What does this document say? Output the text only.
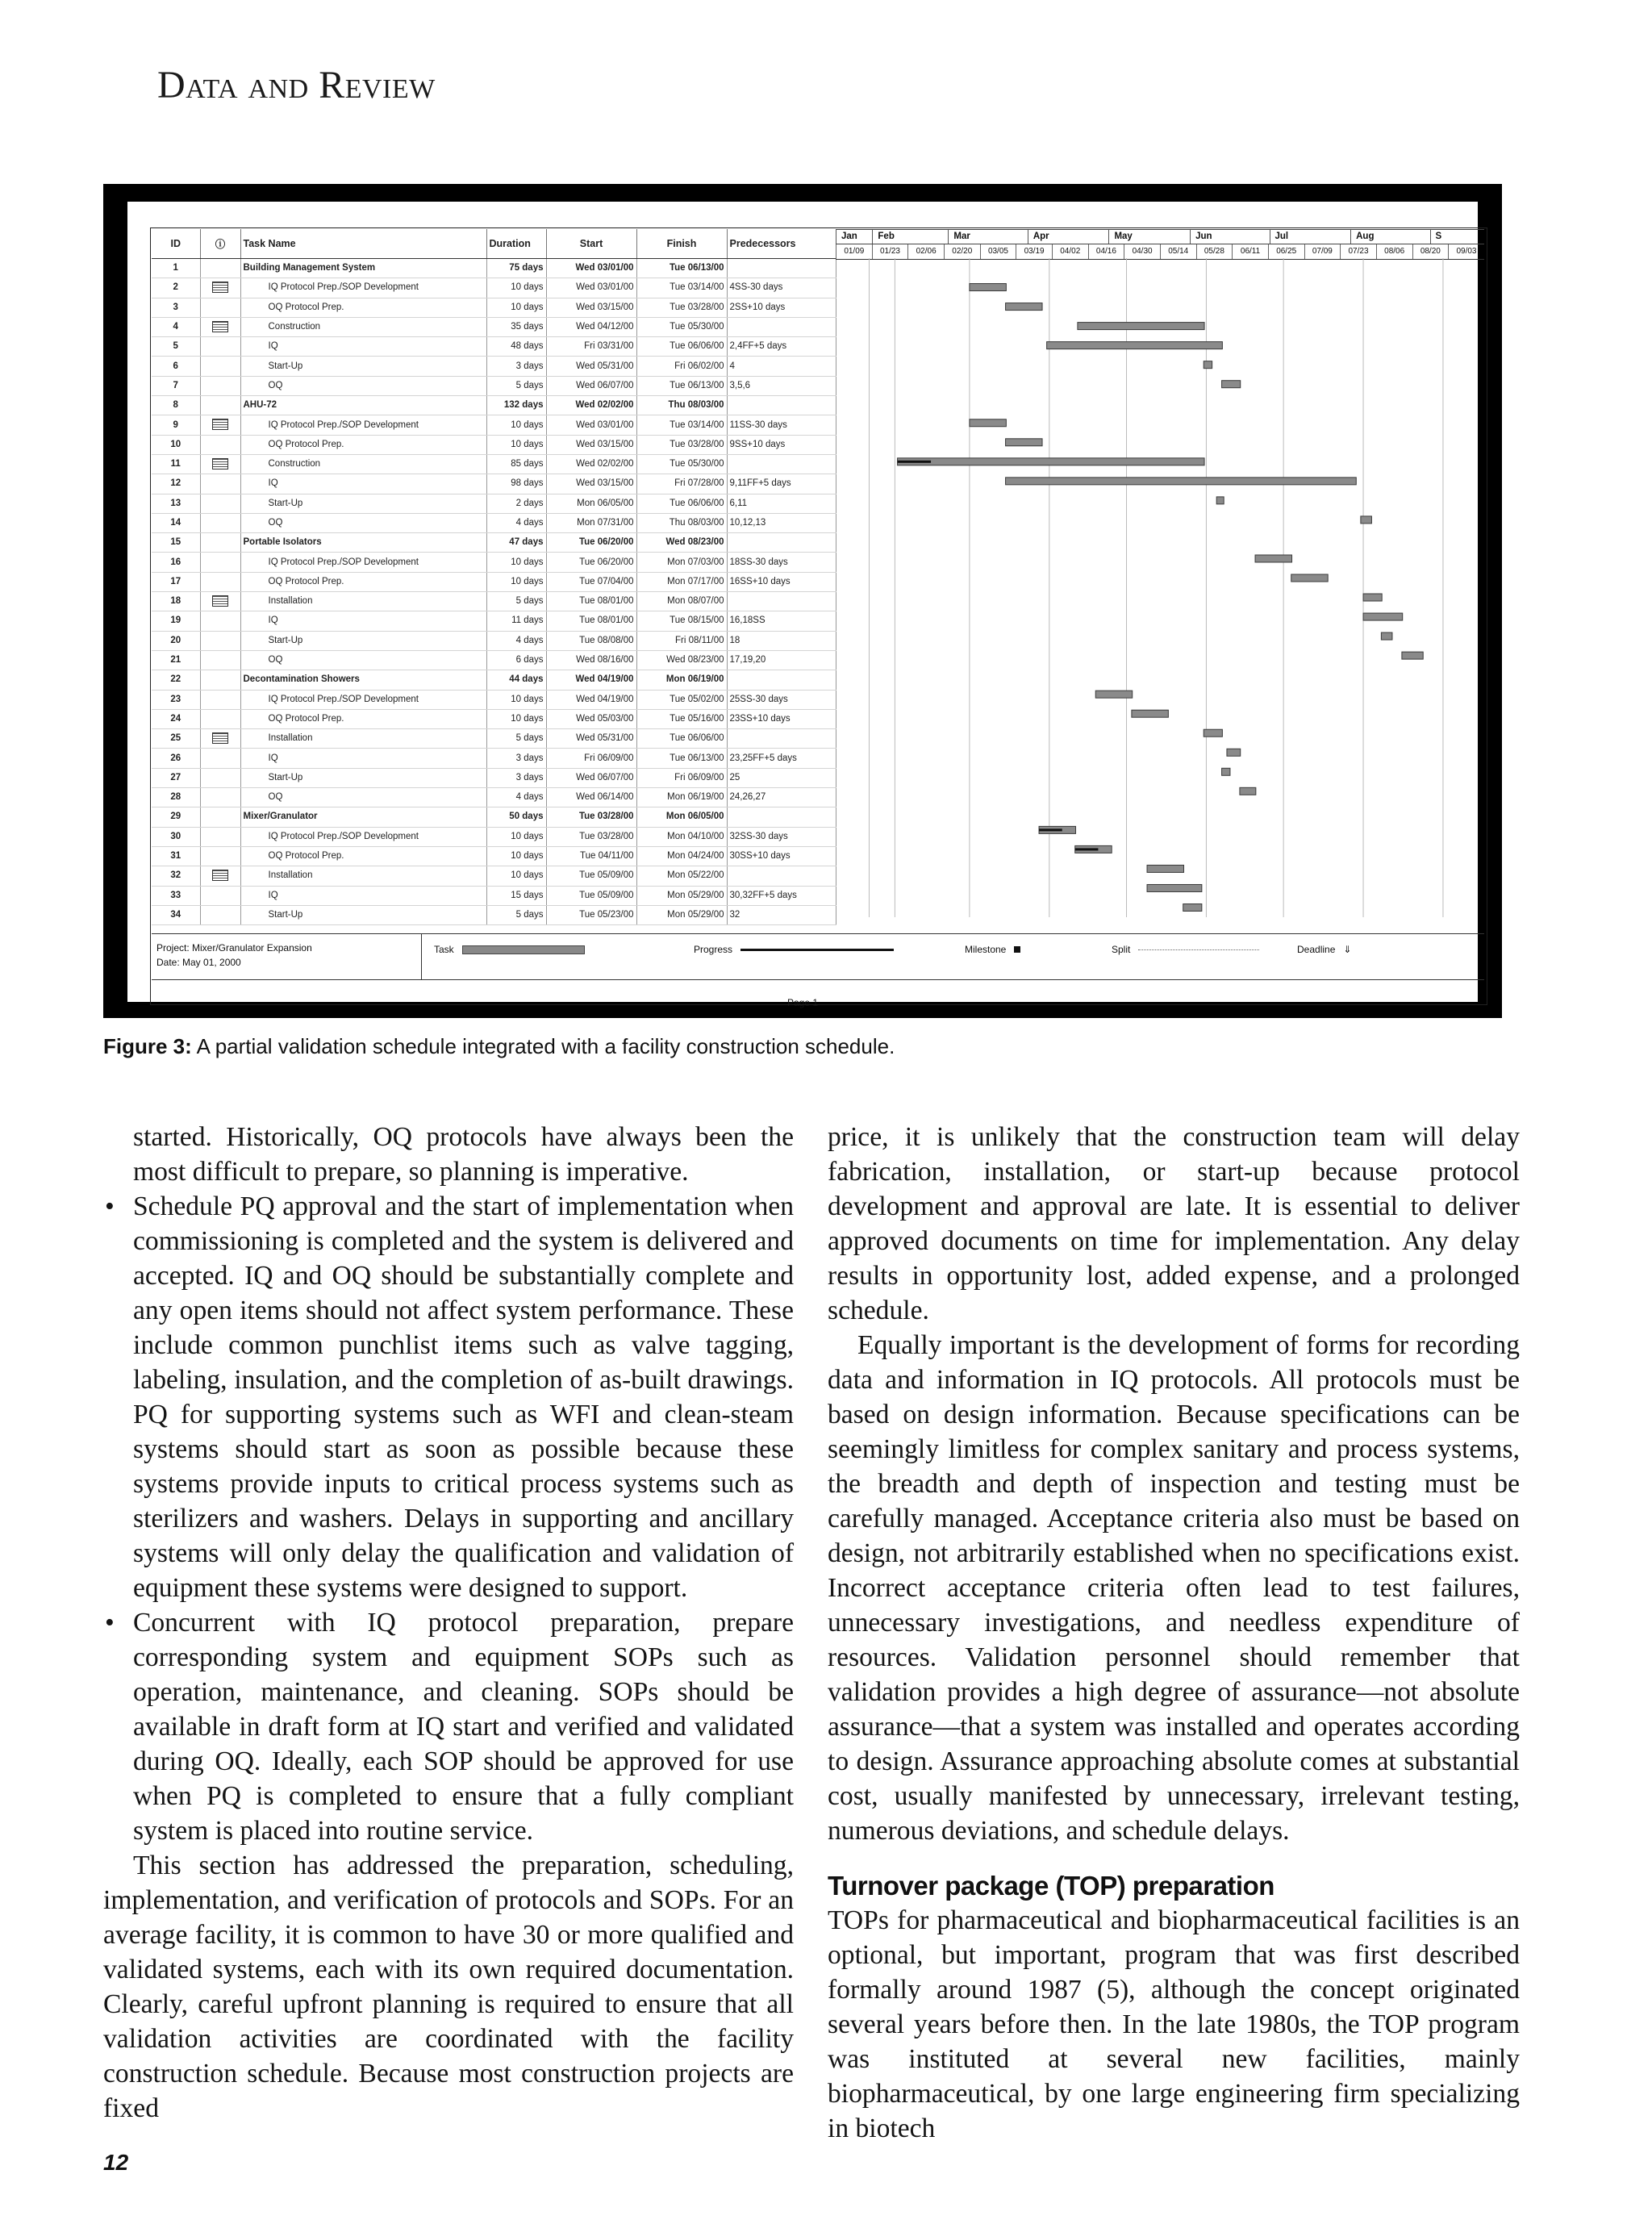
Data and Review
ID	ⓘ	Task Name	Duration	Start	Finish	Predecessors
1		Building Management System	75 days	Wed 03/01/00	Tue 06/13/00	
2		IQ Protocol Prep./SOP Development	10 days	Wed 03/01/00	Tue 03/14/00	4SS-30 days
3		OQ Protocol Prep.	10 days	Wed 03/15/00	Tue 03/28/00	2SS+10 days
4		Construction	35 days	Wed 04/12/00	Tue 05/30/00	
5		IQ	48 days	Fri 03/31/00	Tue 06/06/00	2,4FF+5 days
6		Start-Up	3 days	Wed 05/31/00	Fri 06/02/00	4
7		OQ	5 days	Wed 06/07/00	Tue 06/13/00	3,5,6
8		AHU-72	132 days	Wed 02/02/00	Thu 08/03/00	
9		IQ Protocol Prep./SOP Development	10 days	Wed 03/01/00	Tue 03/14/00	11SS-30 days
10		OQ Protocol Prep.	10 days	Wed 03/15/00	Tue 03/28/00	9SS+10 days
11		Construction	85 days	Wed 02/02/00	Tue 05/30/00	
12		IQ	98 days	Wed 03/15/00	Fri 07/28/00	9,11FF+5 days
13		Start-Up	2 days	Mon 06/05/00	Tue 06/06/00	6,11
14		OQ	4 days	Mon 07/31/00	Thu 08/03/00	10,12,13
15		Portable Isolators	47 days	Tue 06/20/00	Wed 08/23/00	
16		IQ Protocol Prep./SOP Development	10 days	Tue 06/20/00	Mon 07/03/00	18SS-30 days
17		OQ Protocol Prep.	10 days	Tue 07/04/00	Mon 07/17/00	16SS+10 days
18		Installation	5 days	Tue 08/01/00	Mon 08/07/00	
19		IQ	11 days	Tue 08/01/00	Tue 08/15/00	16,18SS
20		Start-Up	4 days	Tue 08/08/00	Fri 08/11/00	18
21		OQ	6 days	Wed 08/16/00	Wed 08/23/00	17,19,20
22		Decontamination Showers	44 days	Wed 04/19/00	Mon 06/19/00	
23		IQ Protocol Prep./SOP Development	10 days	Wed 04/19/00	Tue 05/02/00	25SS-30 days
24		OQ Protocol Prep.	10 days	Wed 05/03/00	Tue 05/16/00	23SS+10 days
25		Installation	5 days	Wed 05/31/00	Tue 06/06/00	
26		IQ	3 days	Fri 06/09/00	Tue 06/13/00	23,25FF+5 days
27		Start-Up	3 days	Wed 06/07/00	Fri 06/09/00	25
28		OQ	4 days	Wed 06/14/00	Mon 06/19/00	24,26,27
29		Mixer/Granulator	50 days	Tue 03/28/00	Mon 06/05/00	
30		IQ Protocol Prep./SOP Development	10 days	Tue 03/28/00	Mon 04/10/00	32SS-30 days
31		OQ Protocol Prep.	10 days	Tue 04/11/00	Mon 04/24/00	30SS+10 days
32		Installation	10 days	Tue 05/09/00	Mon 05/22/00	
33		IQ	15 days	Tue 05/09/00	Mon 05/29/00	30,32FF+5 days
34		Start-Up	5 days	Tue 05/23/00	Mon 05/29/00	32
Jan	Feb	Mar	Apr	May	Jun	Jul	Aug	S
01/09	01/23	02/06	02/20	03/05	03/19	04/02	04/16	04/30	05/14	05/28	06/11	06/25	07/09	07/23	08/06	08/20	09/03
Project: Mixer/Granulator Expansion
Date: May 01, 2000
Task	Progress	Milestone	Split	Deadline ⇓
Page 1
Figure 3: A partial validation schedule integrated with a facility construction schedule.

started. Historically, OQ protocols have always been the most difficult to prepare, so planning is imperative.

• Schedule PQ approval and the start of implementation when commissioning is completed and the system is delivered and accepted. IQ and OQ should be substantially complete and any open items should not affect system performance. These include common punchlist items such as valve tagging, labeling, insulation, and the completion of as-built drawings. PQ for supporting systems such as WFI and clean-steam systems should start as soon as possible because these systems provide inputs to critical process systems such as sterilizers and washers. Delays in supporting and ancillary systems will only delay the qualification and validation of equipment these systems were designed to support.
• Concurrent with IQ protocol preparation, prepare corresponding system and equipment SOPs such as operation, maintenance, and cleaning. SOPs should be available in draft form at IQ start and verified and validated during OQ. Ideally, each SOP should be approved for use when PQ is completed to ensure that a fully compliant system is placed into routine service.

This section has addressed the preparation, scheduling, implementation, and verification of protocols and SOPs. For an average facility, it is common to have 30 or more qualified and validated systems, each with its own required documentation. Clearly, careful upfront planning is required to ensure that all validation activities are coordinated with the facility construction schedule. Because most construction projects are fixed

price, it is unlikely that the construction team will delay fabrication, installation, or start-up because protocol development and approval are late. It is essential to deliver approved documents on time for implementation. Any delay results in opportunity lost, added expense, and a prolonged schedule.

Equally important is the development of forms for recording data and information in IQ protocols. All protocols must be based on design information. Because specifications can be seemingly limitless for complex sanitary and process systems, the breadth and depth of inspection and testing must be carefully managed. Acceptance criteria also must be based on design, not arbitrarily established when no specifications exist. Incorrect acceptance criteria often lead to test failures, unnecessary investigations, and needless expenditure of resources. Validation personnel should remember that validation provides a high degree of assurance—not absolute assurance—that a system was installed and operates according to design. Assurance approaching absolute comes at substantial cost, usually manifested by unnecessary, irrelevant testing, numerous deviations, and schedule delays.

Turnover package (TOP) preparation

TOPs for pharmaceutical and biopharmaceutical facilities is an optional, but important, program that was first described formally around 1987 (5), although the concept originated several years before then. In the late 1980s, the TOP program was instituted at several new facilities, mainly biopharmaceutical, by one large engineering firm specializing in biotech

12
